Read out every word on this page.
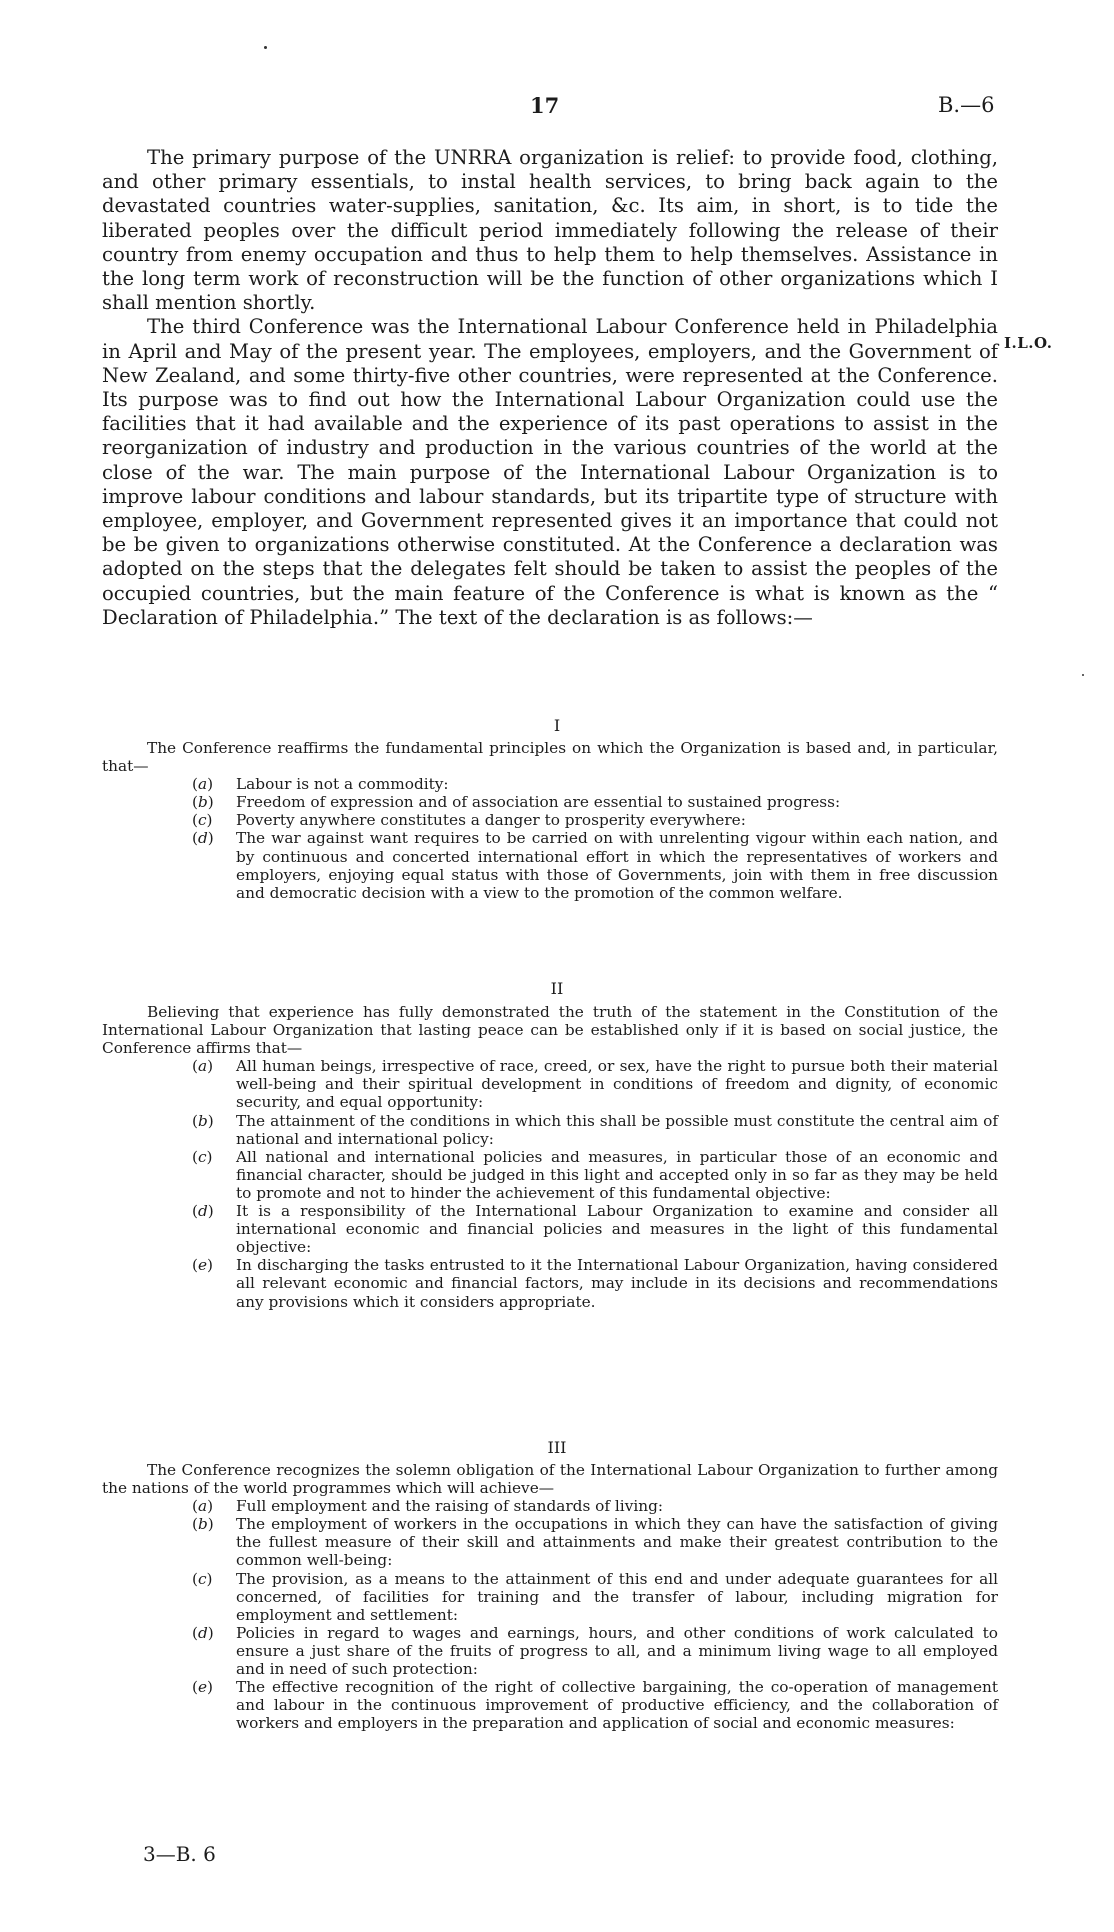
17	B.—6
I.L.O.

The primary purpose of the UNRRA organization is relief: to provide food, clothing, and other primary essentials, to instal health services, to bring back again to the devastated countries water-supplies, sanitation, &c. Its aim, in short, is to tide the liberated peoples over the difficult period immediately following the release of their country from enemy occupation and thus to help them to help themselves. Assistance in the long term work of reconstruction will be the function of other organizations which I shall mention shortly.

The third Conference was the International Labour Conference held in Philadelphia in April and May of the present year. The employees, employers, and the Government of New Zealand, and some thirty-five other countries, were represented at the Conference. Its purpose was to find out how the International Labour Organization could use the facilities that it had available and the experience of its past operations to assist in the reorganization of industry and production in the various countries of the world at the close of the war. The main purpose of the International Labour Organization is to improve labour conditions and labour standards, but its tripartite type of structure with employee, employer, and Government represented gives it an importance that could not be be given to organizations otherwise constituted. At the Conference a declaration was adopted on the steps that the delegates felt should be taken to assist the peoples of the occupied countries, but the main feature of the Conference is what is known as the “ Declaration of Philadelphia.” The text of the declaration is as follows:—

I

The Conference reaffirms the fundamental principles on which the Organization is based and, in particular, that—

(a) Labour is not a commodity:
(b) Freedom of expression and of association are essential to sustained progress:
(c) Poverty anywhere constitutes a danger to prosperity everywhere:
(d) The war against want requires to be carried on with unrelenting vigour within each nation, and by continuous and concerted international effort in which the representatives of workers and employers, enjoying equal status with those of Governments, join with them in free discussion and democratic decision with a view to the promotion of the common welfare.
II

Believing that experience has fully demonstrated the truth of the statement in the Constitution of the International Labour Organization that lasting peace can be established only if it is based on social justice, the Conference affirms that—

(a) All human beings, irrespective of race, creed, or sex, have the right to pursue both their material well-being and their spiritual development in conditions of freedom and dignity, of economic security, and equal opportunity:
(b) The attainment of the conditions in which this shall be possible must constitute the central aim of national and international policy:
(c) All national and international policies and measures, in particular those of an economic and financial character, should be judged in this light and accepted only in so far as they may be held to promote and not to hinder the achievement of this fundamental objective:
(d) It is a responsibility of the International Labour Organization to examine and consider all international economic and financial policies and measures in the light of this fundamental objective:
(e) In discharging the tasks entrusted to it the International Labour Organization, having considered all relevant economic and financial factors, may include in its decisions and recommendations any provisions which it considers appropriate.
III

The Conference recognizes the solemn obligation of the International Labour Organization to further among the nations of the world programmes which will achieve—

(a) Full employment and the raising of standards of living:
(b) The employment of workers in the occupations in which they can have the satisfaction of giving the fullest measure of their skill and attainments and make their greatest contribution to the common well-being:
(c) The provision, as a means to the attainment of this end and under adequate guarantees for all concerned, of facilities for training and the transfer of labour, including migration for employment and settlement:
(d) Policies in regard to wages and earnings, hours, and other conditions of work calculated to ensure a just share of the fruits of progress to all, and a minimum living wage to all employed and in need of such protection:
(e) The effective recognition of the right of collective bargaining, the co-operation of management and labour in the continuous improvement of productive efficiency, and the collaboration of workers and employers in the preparation and application of social and economic measures:
3—B. 6
